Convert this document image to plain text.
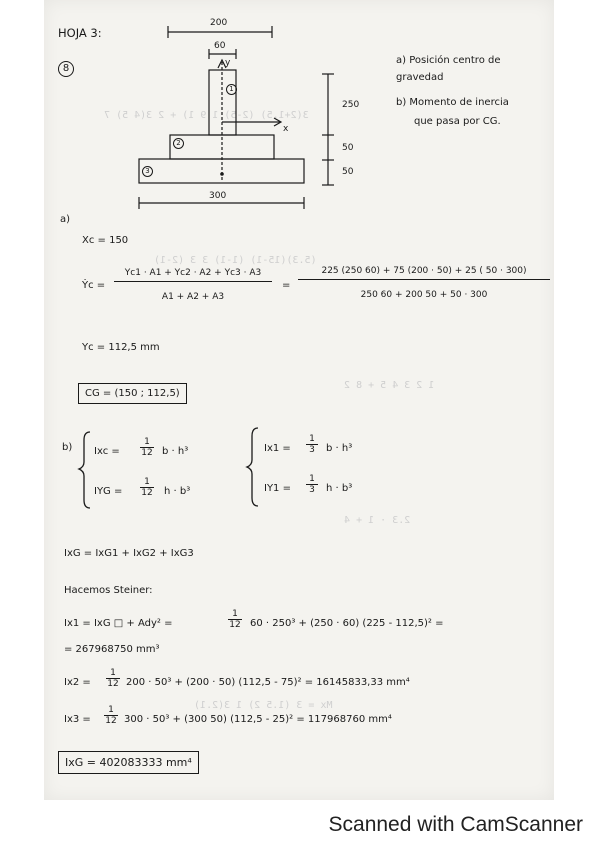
3(2+1.5) (2-5) 1 9 1) + 2 3(4 5) 7
(5.3)(15-1) (1-1) 3 3 (2-1)
1 2 3 4 5 + 8 2
Mx = 3 (1.5 2) 1 3(2.1)
2.3 · 1 + 4
HOJA 3:
8
a) Posición centro de gravedad
b) Momento de inercia
que pasa por CG.
200
60
y
x
1
2
3
300
250
50
50
a)
Xc = 150
Ẏc =
Yc1 · A1 + Yc2 · A2 + Yc3 · A3
A1 + A2 + A3
=
225 (250 60) + 75 (200 · 50) + 25 ( 50 · 300)
250 60 + 200 50 + 50 · 300
Yc = 112,5 mm
CG = (150 ; 112,5)
b) Ixc =
1
12 b · h³
IYG =
1
12 h · b³
Ix1 =
1
3	b · h³
IY1 =
1
3	h · b³
IxG = IxG1 + IxG2 + IxG3
Hacemos Steiner:
Ix1 = IxG □ + Ady² =
1
12 60 · 250³ + (250 · 60) (225 - 112,5)² =
= 267968750 mm³
Ix2 =
1
12 200 · 50³ + (200 · 50) (112,5 - 75)² = 16145833,33 mm⁴
Ix3 =
1
12 300 · 50³ + (300 50) (112,5 - 25)² = 117968760 mm⁴
IxG = 402083333 mm⁴
Scanned with CamScanner
